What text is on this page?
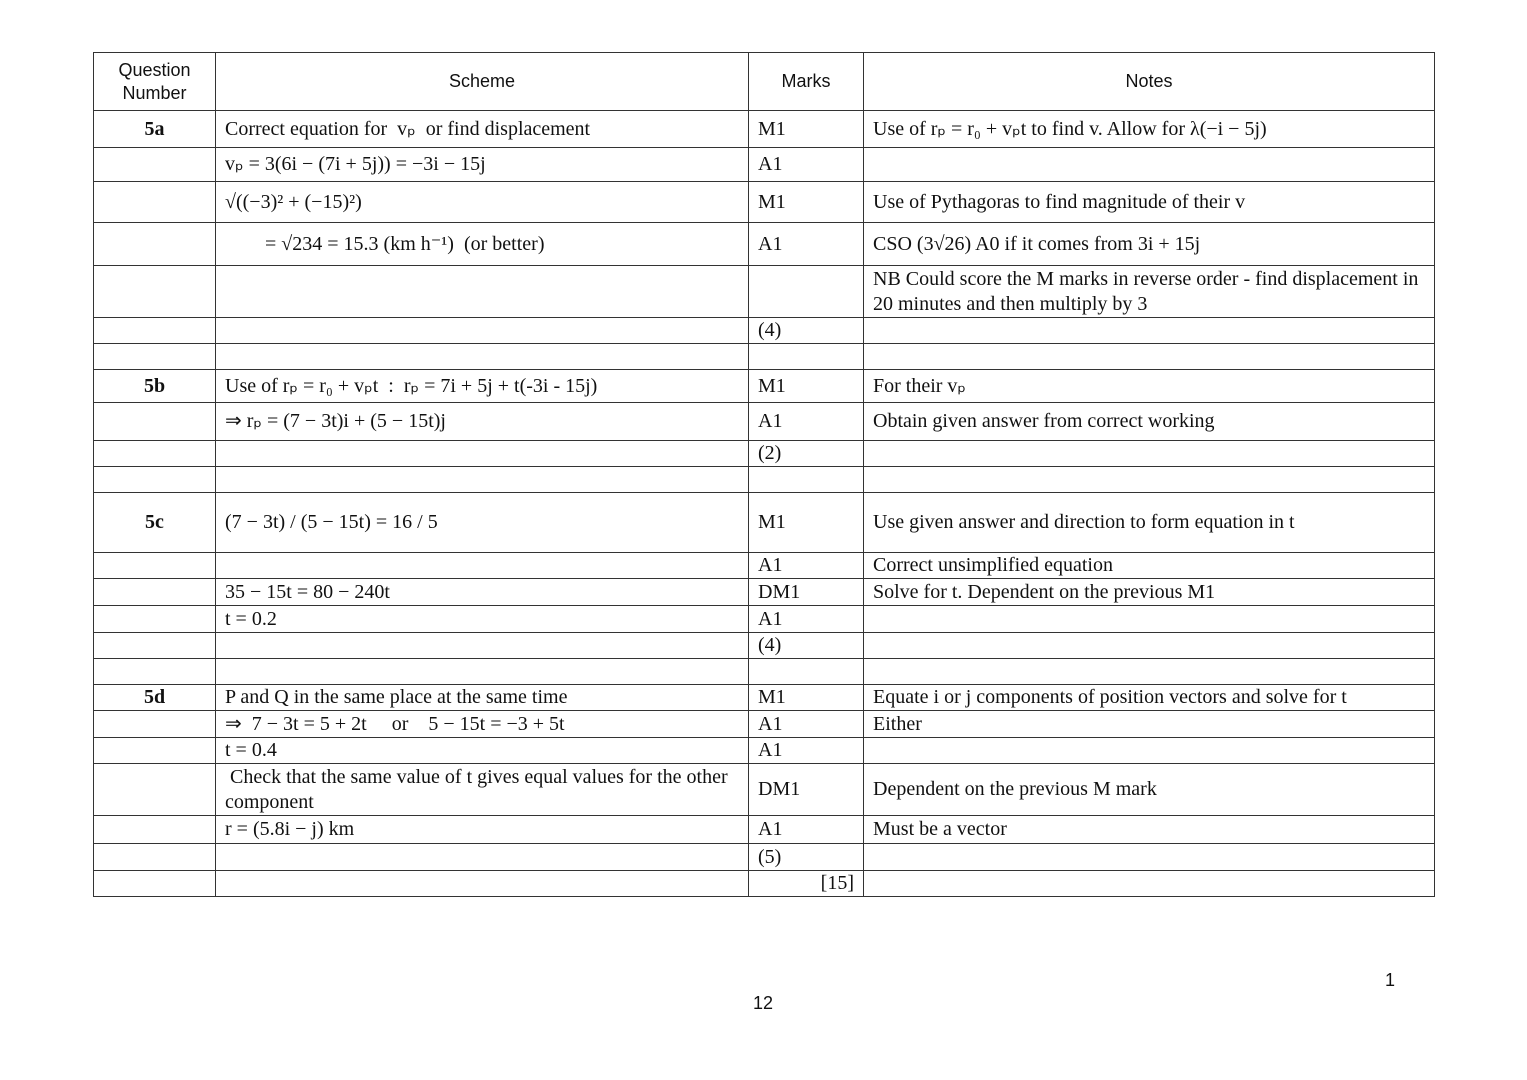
Question Number	Scheme	Marks	Notes
5a	Correct equation for  vₚ  or find displacement	M1	Use of rₚ = r₀ + vₚt to find v. Allow for λ(−i − 5j)
	vₚ = 3(6i − (7i + 5j)) = −3i − 15j	A1	
	√((−3)² + (−15)²)	M1	Use of Pythagoras to find magnitude of their v
	= √234 = 15.3 (km h⁻¹)  (or better)	A1	CSO (3√26) A0 if it comes from 3i + 15j
			NB Could score the M marks in reverse order - find displacement in 20 minutes and then multiply by 3
		(4)	

5b	Use of rₚ = r₀ + vₚt  :  rₚ = 7i + 5j + t(-3i - 15j)	M1	For their vₚ
	⇒ rₚ = (7 − 3t)i + (5 − 15t)j	A1	Obtain given answer from correct working
		(2)	

5c	(7 − 3t) / (5 − 15t) = 16 / 5	M1	Use given answer and direction to form equation in t
		A1	Correct unsimplified equation
	35 − 15t = 80 − 240t	DM1	Solve for t. Dependent on the previous M1
	t = 0.2	A1	
		(4)	

5d	P and Q in the same place at the same time	M1	Equate i or j components of position vectors and solve for t
	⇒  7 − 3t = 5 + 2t     or    5 − 15t = −3 + 5t	A1	Either
	t = 0.4	A1	
	Check that the same value of t gives equal values for the other component	DM1	Dependent on the previous M mark
	r = (5.8i − j) km	A1	Must be a vector
		(5)	
		[15]	
1
12
